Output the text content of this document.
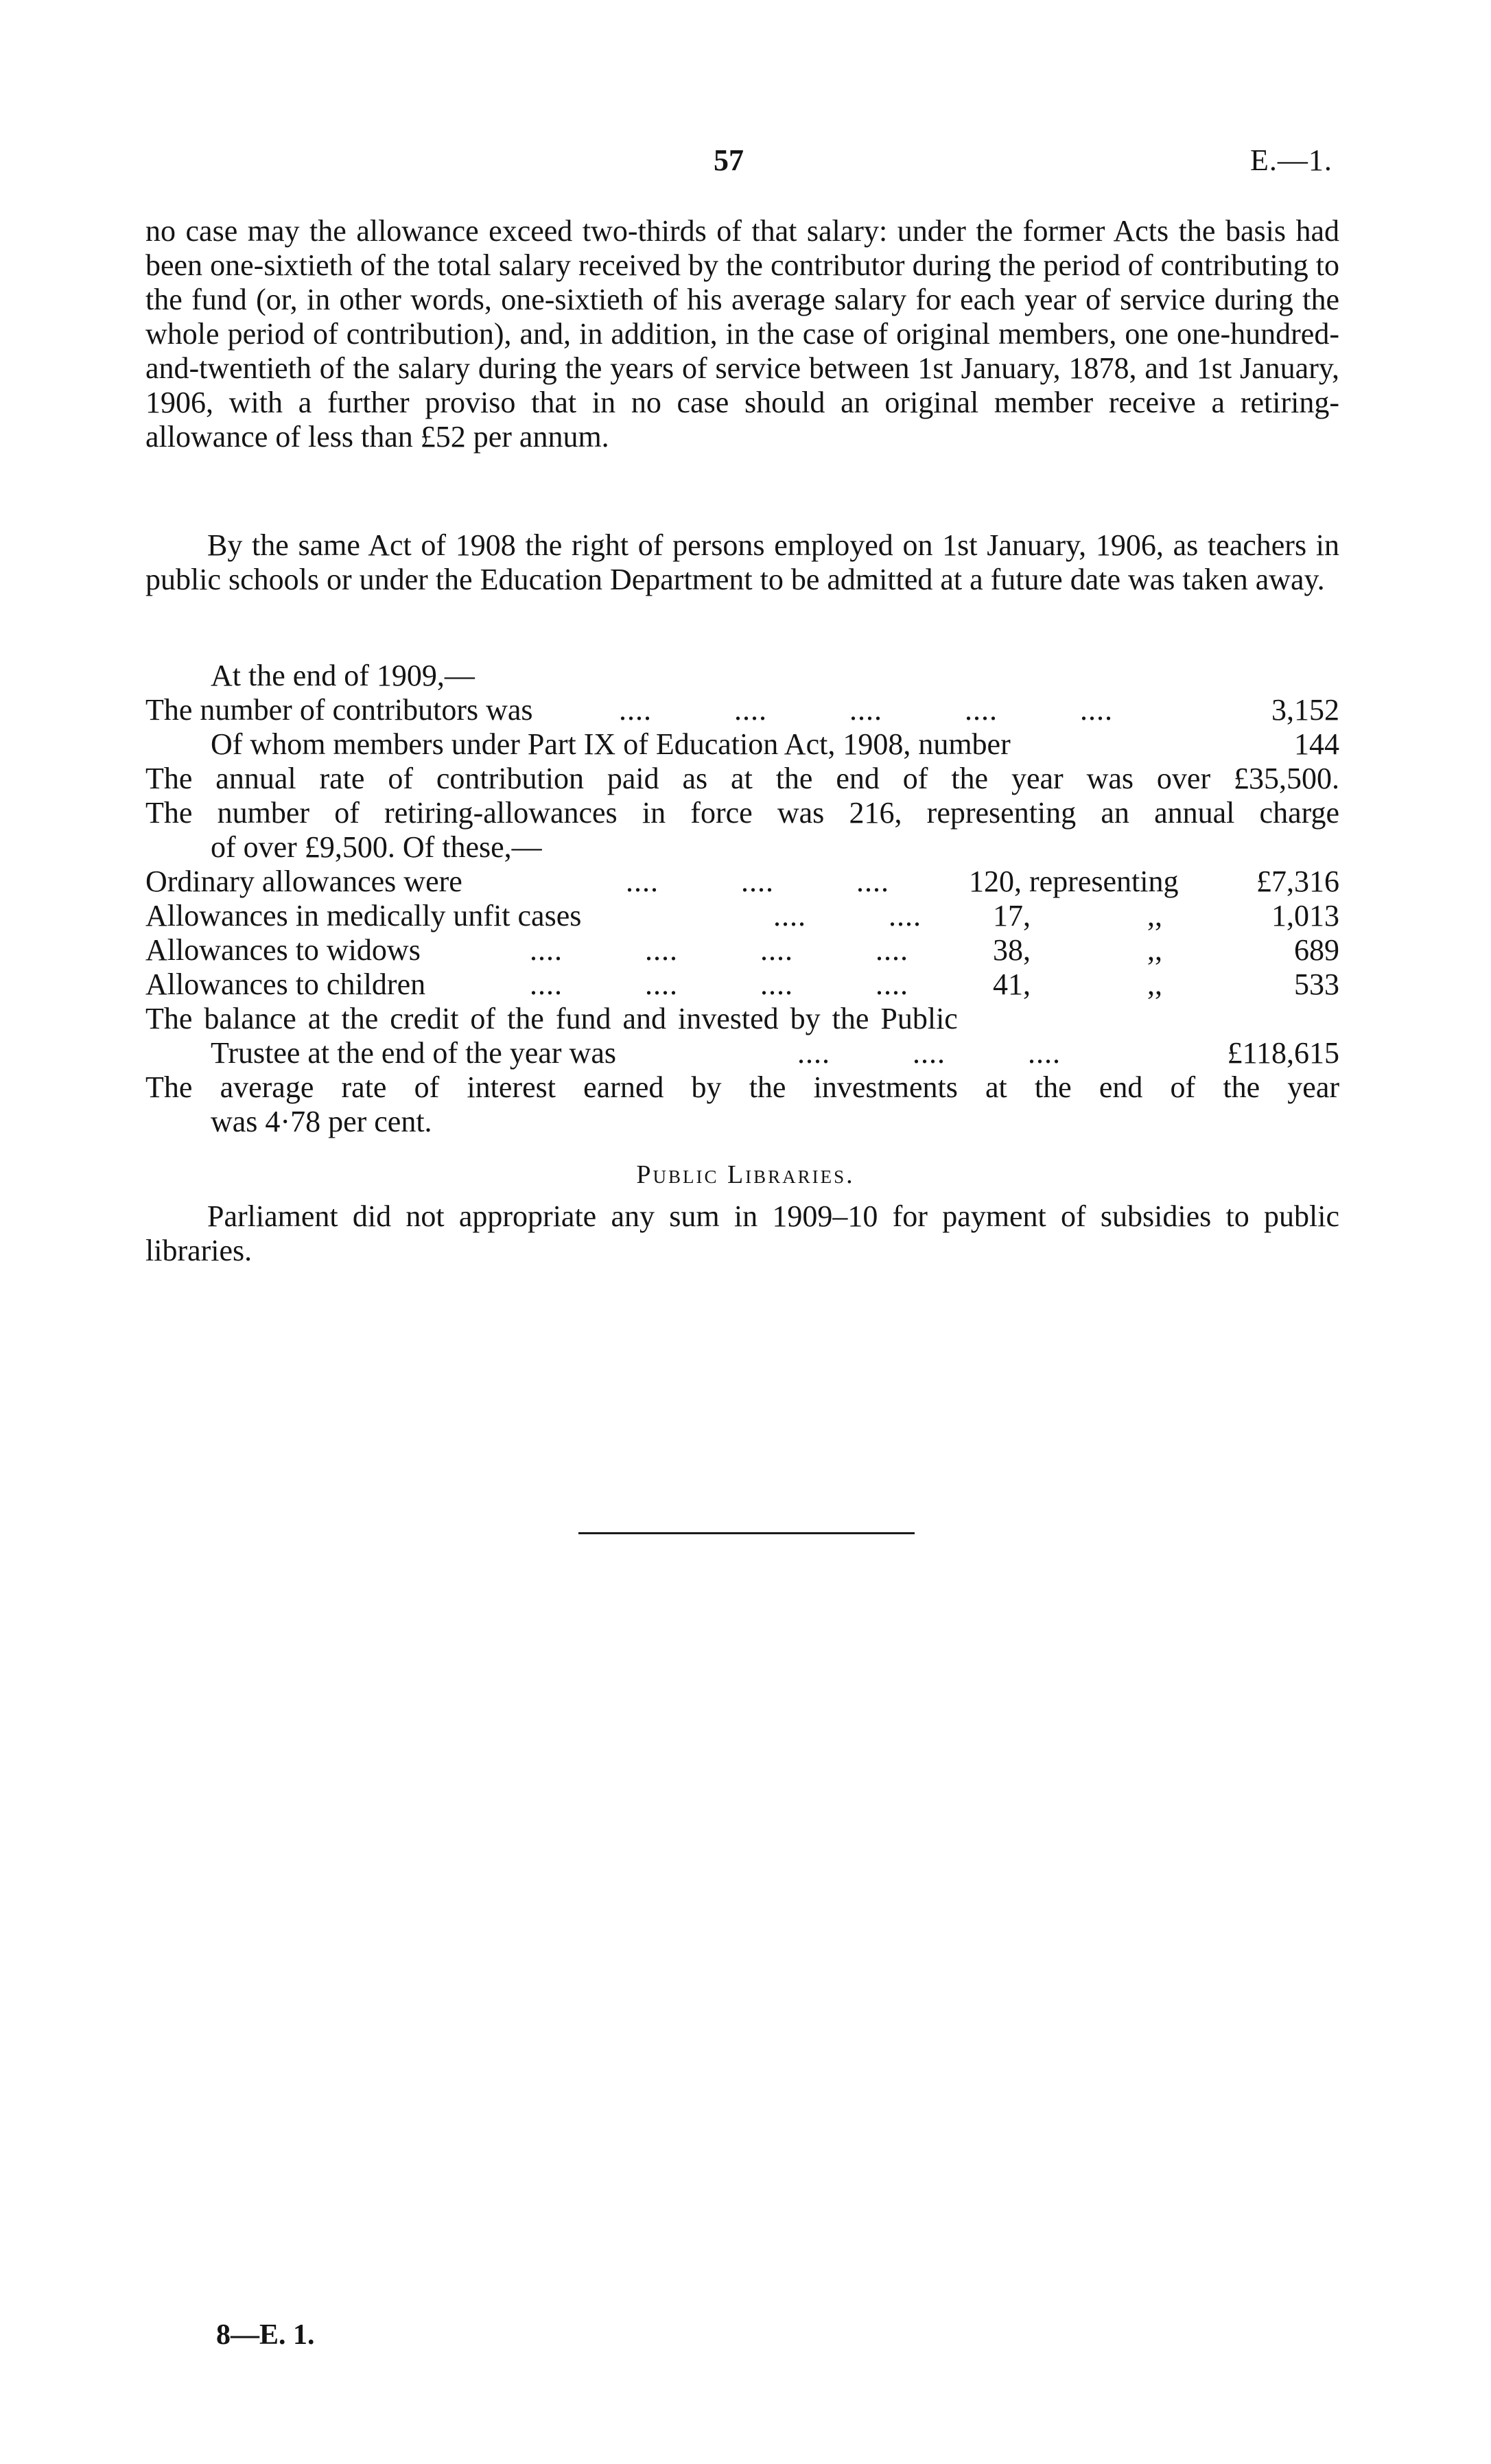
57	E.—1.

no case may the allowance exceed two-thirds of that salary: under the former Acts the basis had been one-sixtieth of the total salary received by the contributor during the period of contributing to the fund (or, in other words, one-sixtieth of his average salary for each year of service during the whole period of contribution), and, in addition, in the case of original members, one one-hundred-and-twentieth of the salary during the years of service between 1st January, 1878, and 1st January, 1906, with a further proviso that in no case should an original member receive a retiring-allowance of less than £52 per annum.

By the same Act of 1908 the right of persons employed on 1st January, 1906, as teachers in public schools or under the Education Department to be admitted at a future date was taken away.

At the end of 1909,—
The number of contributors was	....          ....          ....          ....          ....	3,152
Of whom members under Part IX of Education Act, 1908, number	144
The annual rate of contribution paid as at the end of the year was over £35,500.
The number of retiring-allowances in force was 216, representing an annual charge
of over £9,500. Of these,—
Ordinary allowances were	....          ....          ....	120, representing	£7,316
Allowances in medically unfit cases	....          .... 17,	,,	1,013
Allowances to widows	....          ....          ....          ....	38,	,,	689
Allowances to children	....          ....          ....          ....	41,	,,	533
The balance at the credit of the fund and invested by the Public
Trustee at the end of the year was	....          ....          ....	£118,615
The average rate of interest earned by the investments at the end of the year
was 4·78 per cent.
Public Libraries.

Parliament did not appropriate any sum in 1909–10 for payment of subsidies to public libraries.

8—E. 1.
